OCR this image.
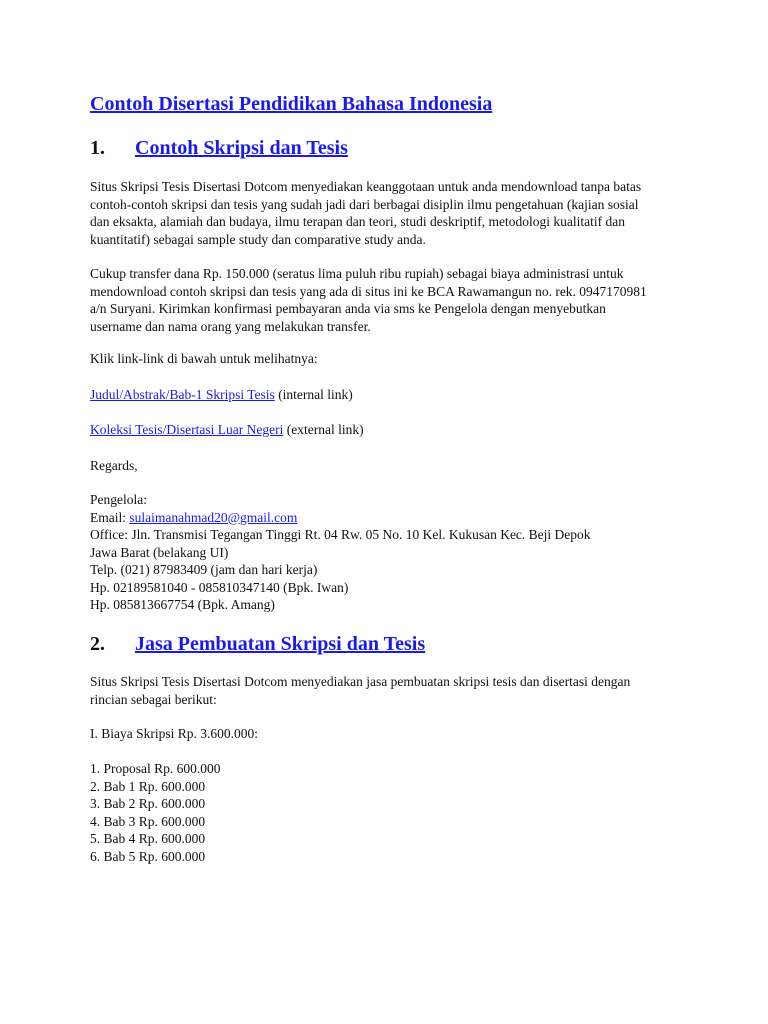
Contoh Disertasi Pendidikan Bahasa Indonesia
1.	Contoh Skripsi dan Tesis

Situs Skripsi Tesis Disertasi Dotcom menyediakan keanggotaan untuk anda mendownload tanpa batas contoh-contoh skripsi dan tesis yang sudah jadi dari berbagai disiplin ilmu pengetahuan (kajian sosial dan eksakta, alamiah dan budaya, ilmu terapan dan teori, studi deskriptif, metodologi kualitatif dan kuantitatif) sebagai sample study dan comparative study anda.

Cukup transfer dana Rp. 150.000 (seratus lima puluh ribu rupiah) sebagai biaya administrasi untuk mendownload contoh skripsi dan tesis yang ada di situs ini ke BCA Rawamangun no. rek. 0947170981 a/n Suryani. Kirimkan konfirmasi pembayaran anda via sms ke Pengelola dengan menyebutkan username dan nama orang yang melakukan transfer.

Klik link-link di bawah untuk melihatnya:

Judul/Abstrak/Bab-1 Skripsi Tesis (internal link)

Koleksi Tesis/Disertasi Luar Negeri (external link)

Regards,

Pengelola:
Email: sulaimanahmad20@gmail.com
Office: Jln. Transmisi Tegangan Tinggi Rt. 04 Rw. 05 No. 10 Kel. Kukusan Kec. Beji Depok
Jawa Barat (belakang UI)
Telp. (021) 87983409 (jam dan hari kerja)
Hp. 02189581040 - 085810347140 (Bpk. Iwan)
Hp. 085813667754 (Bpk. Amang)
2.	Jasa Pembuatan Skripsi dan Tesis

Situs Skripsi Tesis Disertasi Dotcom menyediakan jasa pembuatan skripsi tesis dan disertasi dengan rincian sebagai berikut:

I. Biaya Skripsi Rp. 3.600.000:

1. Proposal Rp. 600.000
2. Bab 1 Rp. 600.000
3. Bab 2 Rp. 600.000
4. Bab 3 Rp. 600.000
5. Bab 4 Rp. 600.000
6. Bab 5 Rp. 600.000
